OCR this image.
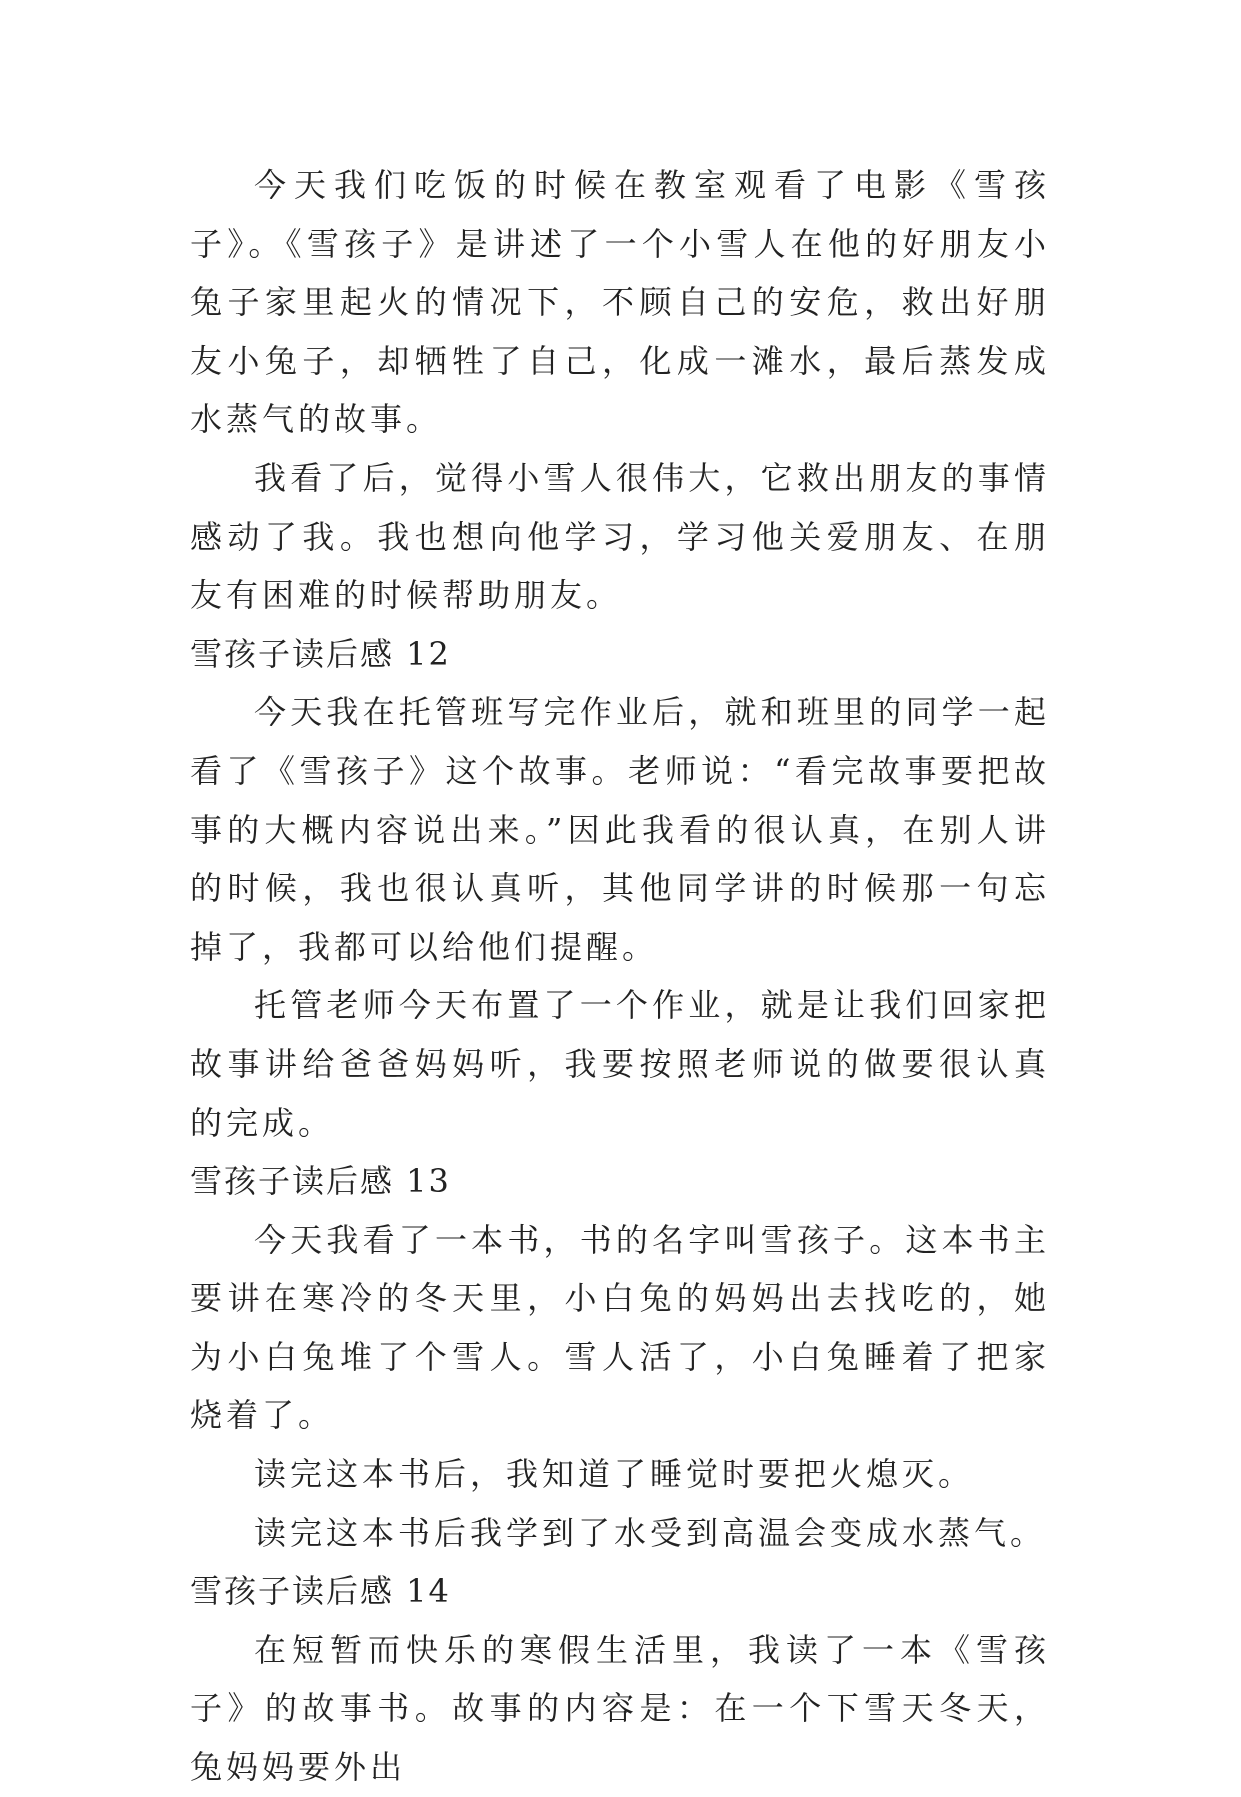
今天我们吃饭的时候在教室观看了电影《雪孩子》。《雪孩子》是讲述了一个小雪人在他的好朋友小兔子家里起火的情况下，不顾自己的安危，救出好朋友小兔子，却牺牲了自己，化成一滩水，最后蒸发成水蒸气的故事。

我看了后，觉得小雪人很伟大，它救出朋友的事情感动了我。我也想向他学习，学习他关爱朋友、在朋友有困难的时候帮助朋友。

雪孩子读后感 12

今天我在托管班写完作业后，就和班里的同学一起看了《雪孩子》这个故事。老师说：“看完故事要把故事的大概内容说出来。”因此我看的很认真，在别人讲的时候，我也很认真听，其他同学讲的时候那一句忘掉了，我都可以给他们提醒。

托管老师今天布置了一个作业，就是让我们回家把故事讲给爸爸妈妈听，我要按照老师说的做要很认真的完成。

雪孩子读后感 13

今天我看了一本书，书的名字叫雪孩子。这本书主要讲在寒冷的冬天里，小白兔的妈妈出去找吃的，她为小白兔堆了个雪人。雪人活了，小白兔睡着了把家烧着了。

读完这本书后，我知道了睡觉时要把火熄灭。

读完这本书后我学到了水受到高温会变成水蒸气。

雪孩子读后感 14

在短暂而快乐的寒假生活里，我读了一本《雪孩子》的故事书。故事的内容是：在一个下雪天冬天，兔妈妈要外出
